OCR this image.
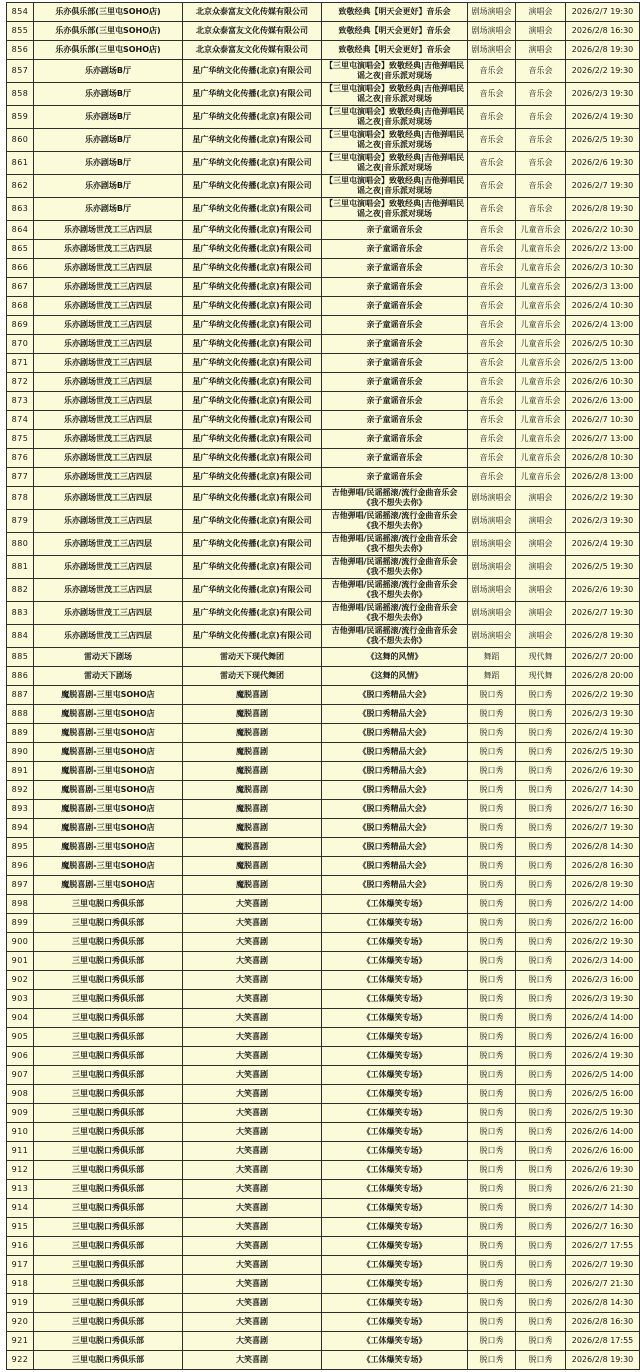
854	乐亦俱乐部(三里屯SOHO店)	北京众泰富友文化传媒有限公司	致敬经典【明天会更好】音乐会	剧场演唱会	演唱会	2026/2/7 19:30
855	乐亦俱乐部(三里屯SOHO店)	北京众泰富友文化传媒有限公司	致敬经典【明天会更好】音乐会	剧场演唱会	演唱会	2026/2/8 16:30
856	乐亦俱乐部(三里屯SOHO店)	北京众泰富友文化传媒有限公司	致敬经典【明天会更好】音乐会	剧场演唱会	演唱会	2026/2/8 19:30
857	乐亦剧场B厅	星广华纳文化传播(北京)有限公司	【三里屯演唱会】致敬经典|吉他弹唱民谣之夜|音乐派对现场	音乐会	音乐会	2026/2/2 19:30
858	乐亦剧场B厅	星广华纳文化传播(北京)有限公司	【三里屯演唱会】致敬经典|吉他弹唱民谣之夜|音乐派对现场	音乐会	音乐会	2026/2/3 19:30
859	乐亦剧场B厅	星广华纳文化传播(北京)有限公司	【三里屯演唱会】致敬经典|吉他弹唱民谣之夜|音乐派对现场	音乐会	音乐会	2026/2/4 19:30
860	乐亦剧场B厅	星广华纳文化传播(北京)有限公司	【三里屯演唱会】致敬经典|吉他弹唱民谣之夜|音乐派对现场	音乐会	音乐会	2026/2/5 19:30
861	乐亦剧场B厅	星广华纳文化传播(北京)有限公司	【三里屯演唱会】致敬经典|吉他弹唱民谣之夜|音乐派对现场	音乐会	音乐会	2026/2/6 19:30
862	乐亦剧场B厅	星广华纳文化传播(北京)有限公司	【三里屯演唱会】致敬经典|吉他弹唱民谣之夜|音乐派对现场	音乐会	音乐会	2026/2/7 19:30
863	乐亦剧场B厅	星广华纳文化传播(北京)有限公司	【三里屯演唱会】致敬经典|吉他弹唱民谣之夜|音乐派对现场	音乐会	音乐会	2026/2/8 19:30
864	乐亦剧场世茂工三店四层	星广华纳文化传播(北京)有限公司	亲子童谣音乐会	音乐会	儿童音乐会	2026/2/2 10:30
865	乐亦剧场世茂工三店四层	星广华纳文化传播(北京)有限公司	亲子童谣音乐会	音乐会	儿童音乐会	2026/2/2 13:00
866	乐亦剧场世茂工三店四层	星广华纳文化传播(北京)有限公司	亲子童谣音乐会	音乐会	儿童音乐会	2026/2/3 10:30
867	乐亦剧场世茂工三店四层	星广华纳文化传播(北京)有限公司	亲子童谣音乐会	音乐会	儿童音乐会	2026/2/3 13:00
868	乐亦剧场世茂工三店四层	星广华纳文化传播(北京)有限公司	亲子童谣音乐会	音乐会	儿童音乐会	2026/2/4 10:30
869	乐亦剧场世茂工三店四层	星广华纳文化传播(北京)有限公司	亲子童谣音乐会	音乐会	儿童音乐会	2026/2/4 13:00
870	乐亦剧场世茂工三店四层	星广华纳文化传播(北京)有限公司	亲子童谣音乐会	音乐会	儿童音乐会	2026/2/5 10:30
871	乐亦剧场世茂工三店四层	星广华纳文化传播(北京)有限公司	亲子童谣音乐会	音乐会	儿童音乐会	2026/2/5 13:00
872	乐亦剧场世茂工三店四层	星广华纳文化传播(北京)有限公司	亲子童谣音乐会	音乐会	儿童音乐会	2026/2/6 10:30
873	乐亦剧场世茂工三店四层	星广华纳文化传播(北京)有限公司	亲子童谣音乐会	音乐会	儿童音乐会	2026/2/6 13:00
874	乐亦剧场世茂工三店四层	星广华纳文化传播(北京)有限公司	亲子童谣音乐会	音乐会	儿童音乐会	2026/2/7 10:30
875	乐亦剧场世茂工三店四层	星广华纳文化传播(北京)有限公司	亲子童谣音乐会	音乐会	儿童音乐会	2026/2/7 13:00
876	乐亦剧场世茂工三店四层	星广华纳文化传播(北京)有限公司	亲子童谣音乐会	音乐会	儿童音乐会	2026/2/8 10:30
877	乐亦剧场世茂工三店四层	星广华纳文化传播(北京)有限公司	亲子童谣音乐会	音乐会	儿童音乐会	2026/2/8 13:00
878	乐亦剧场世茂工三店四层	星广华纳文化传播(北京)有限公司	吉他弹唱/民谣摇滚/流行金曲音乐会《我不想失去你》	剧场演唱会	演唱会	2026/2/2 19:30
879	乐亦剧场世茂工三店四层	星广华纳文化传播(北京)有限公司	吉他弹唱/民谣摇滚/流行金曲音乐会《我不想失去你》	剧场演唱会	演唱会	2026/2/3 19:30
880	乐亦剧场世茂工三店四层	星广华纳文化传播(北京)有限公司	吉他弹唱/民谣摇滚/流行金曲音乐会《我不想失去你》	剧场演唱会	演唱会	2026/2/4 19:30
881	乐亦剧场世茂工三店四层	星广华纳文化传播(北京)有限公司	吉他弹唱/民谣摇滚/流行金曲音乐会《我不想失去你》	剧场演唱会	演唱会	2026/2/5 19:30
882	乐亦剧场世茂工三店四层	星广华纳文化传播(北京)有限公司	吉他弹唱/民谣摇滚/流行金曲音乐会《我不想失去你》	剧场演唱会	演唱会	2026/2/6 19:30
883	乐亦剧场世茂工三店四层	星广华纳文化传播(北京)有限公司	吉他弹唱/民谣摇滚/流行金曲音乐会《我不想失去你》	剧场演唱会	演唱会	2026/2/7 19:30
884	乐亦剧场世茂工三店四层	星广华纳文化传播(北京)有限公司	吉他弹唱/民谣摇滚/流行金曲音乐会《我不想失去你》	剧场演唱会	演唱会	2026/2/8 19:30
885	雷动天下剧场	雷动天下现代舞团	《这舞的风情》	舞蹈	现代舞	2026/2/7 20:00
886	雷动天下剧场	雷动天下现代舞团	《这舞的风情》	舞蹈	现代舞	2026/2/8 20:00
887	魔脱喜剧-三里屯SOHO店	魔脱喜剧	《脱口秀精品大会》	脱口秀	脱口秀	2026/2/2 19:30
888	魔脱喜剧-三里屯SOHO店	魔脱喜剧	《脱口秀精品大会》	脱口秀	脱口秀	2026/2/3 19:30
889	魔脱喜剧-三里屯SOHO店	魔脱喜剧	《脱口秀精品大会》	脱口秀	脱口秀	2026/2/4 19:30
890	魔脱喜剧-三里屯SOHO店	魔脱喜剧	《脱口秀精品大会》	脱口秀	脱口秀	2026/2/5 19:30
891	魔脱喜剧-三里屯SOHO店	魔脱喜剧	《脱口秀精品大会》	脱口秀	脱口秀	2026/2/6 19:30
892	魔脱喜剧-三里屯SOHO店	魔脱喜剧	《脱口秀精品大会》	脱口秀	脱口秀	2026/2/7 14:30
893	魔脱喜剧-三里屯SOHO店	魔脱喜剧	《脱口秀精品大会》	脱口秀	脱口秀	2026/2/7 16:30
894	魔脱喜剧-三里屯SOHO店	魔脱喜剧	《脱口秀精品大会》	脱口秀	脱口秀	2026/2/7 19:30
895	魔脱喜剧-三里屯SOHO店	魔脱喜剧	《脱口秀精品大会》	脱口秀	脱口秀	2026/2/8 14:30
896	魔脱喜剧-三里屯SOHO店	魔脱喜剧	《脱口秀精品大会》	脱口秀	脱口秀	2026/2/8 16:30
897	魔脱喜剧-三里屯SOHO店	魔脱喜剧	《脱口秀精品大会》	脱口秀	脱口秀	2026/2/8 19:30
898	三里屯脱口秀俱乐部	大笑喜剧	《工体爆笑专场》	脱口秀	脱口秀	2026/2/2 14:00
899	三里屯脱口秀俱乐部	大笑喜剧	《工体爆笑专场》	脱口秀	脱口秀	2026/2/2 16:00
900	三里屯脱口秀俱乐部	大笑喜剧	《工体爆笑专场》	脱口秀	脱口秀	2026/2/2 19:30
901	三里屯脱口秀俱乐部	大笑喜剧	《工体爆笑专场》	脱口秀	脱口秀	2026/2/3 14:00
902	三里屯脱口秀俱乐部	大笑喜剧	《工体爆笑专场》	脱口秀	脱口秀	2026/2/3 16:00
903	三里屯脱口秀俱乐部	大笑喜剧	《工体爆笑专场》	脱口秀	脱口秀	2026/2/3 19:30
904	三里屯脱口秀俱乐部	大笑喜剧	《工体爆笑专场》	脱口秀	脱口秀	2026/2/4 14:00
905	三里屯脱口秀俱乐部	大笑喜剧	《工体爆笑专场》	脱口秀	脱口秀	2026/2/4 16:00
906	三里屯脱口秀俱乐部	大笑喜剧	《工体爆笑专场》	脱口秀	脱口秀	2026/2/4 19:30
907	三里屯脱口秀俱乐部	大笑喜剧	《工体爆笑专场》	脱口秀	脱口秀	2026/2/5 14:00
908	三里屯脱口秀俱乐部	大笑喜剧	《工体爆笑专场》	脱口秀	脱口秀	2026/2/5 16:00
909	三里屯脱口秀俱乐部	大笑喜剧	《工体爆笑专场》	脱口秀	脱口秀	2026/2/5 19:30
910	三里屯脱口秀俱乐部	大笑喜剧	《工体爆笑专场》	脱口秀	脱口秀	2026/2/6 14:00
911	三里屯脱口秀俱乐部	大笑喜剧	《工体爆笑专场》	脱口秀	脱口秀	2026/2/6 16:00
912	三里屯脱口秀俱乐部	大笑喜剧	《工体爆笑专场》	脱口秀	脱口秀	2026/2/6 19:30
913	三里屯脱口秀俱乐部	大笑喜剧	《工体爆笑专场》	脱口秀	脱口秀	2026/2/6 21:30
914	三里屯脱口秀俱乐部	大笑喜剧	《工体爆笑专场》	脱口秀	脱口秀	2026/2/7 14:30
915	三里屯脱口秀俱乐部	大笑喜剧	《工体爆笑专场》	脱口秀	脱口秀	2026/2/7 16:30
916	三里屯脱口秀俱乐部	大笑喜剧	《工体爆笑专场》	脱口秀	脱口秀	2026/2/7 17:55
917	三里屯脱口秀俱乐部	大笑喜剧	《工体爆笑专场》	脱口秀	脱口秀	2026/2/7 19:30
918	三里屯脱口秀俱乐部	大笑喜剧	《工体爆笑专场》	脱口秀	脱口秀	2026/2/7 21:30
919	三里屯脱口秀俱乐部	大笑喜剧	《工体爆笑专场》	脱口秀	脱口秀	2026/2/8 14:30
920	三里屯脱口秀俱乐部	大笑喜剧	《工体爆笑专场》	脱口秀	脱口秀	2026/2/8 16:30
921	三里屯脱口秀俱乐部	大笑喜剧	《工体爆笑专场》	脱口秀	脱口秀	2026/2/8 17:55
922	三里屯脱口秀俱乐部	大笑喜剧	《工体爆笑专场》	脱口秀	脱口秀	2026/2/8 19:30
